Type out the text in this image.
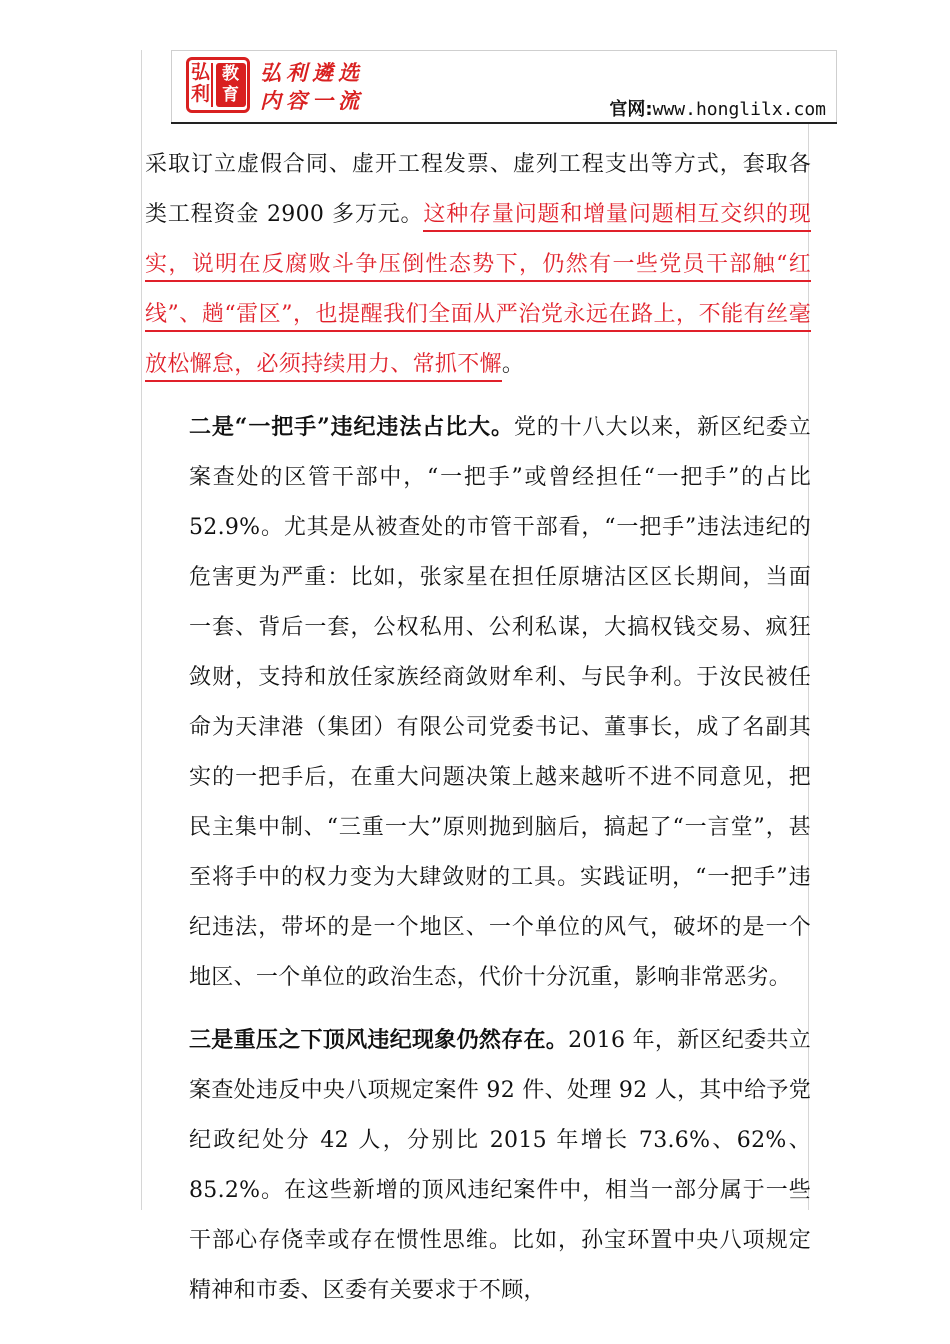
弘
利
教
育
弘利遴选
内容一流	官网:www.honglilx.com

采取订立虚假合同、虚开工程发票、虚列工程支出等方式，套取各类工程资金 2900 多万元。这种存量问题和增量问题相互交织的现实，说明在反腐败斗争压倒性态势下，仍然有一些党员干部触“红线”、趟“雷区”，也提醒我们全面从严治党永远在路上，不能有丝毫放松懈怠，必须持续用力、常抓不懈。

二是“一把手”违纪违法占比大。党的十八大以来，新区纪委立案查处的区管干部中，“一把手”或曾经担任“一把手”的占比52.9%。尤其是从被查处的市管干部看，“一把手”违法违纪的危害更为严重：比如，张家星在担任原塘沽区区长期间，当面一套、背后一套，公权私用、公利私谋，大搞权钱交易、疯狂敛财，支持和放任家族经商敛财牟利、与民争利。于汝民被任命为天津港（集团）有限公司党委书记、董事长，成了名副其实的一把手后，在重大问题决策上越来越听不进不同意见，把民主集中制、“三重一大”原则抛到脑后，搞起了“一言堂”，甚至将手中的权力变为大肆敛财的工具。实践证明，“一把手”违纪违法，带坏的是一个地区、一个单位的风气，破坏的是一个地区、一个单位的政治生态，代价十分沉重，影响非常恶劣。

三是重压之下顶风违纪现象仍然存在。2016 年，新区纪委共立案查处违反中央八项规定案件 92 件、处理 92 人，其中给予党纪政纪处分 42 人，分别比 2015 年增长 73.6%、62%、85.2%。在这些新增的顶风违纪案件中，相当一部分属于一些干部心存侥幸或存在惯性思维。比如，孙宝环置中央八项规定精神和市委、区委有关要求于不顾，
